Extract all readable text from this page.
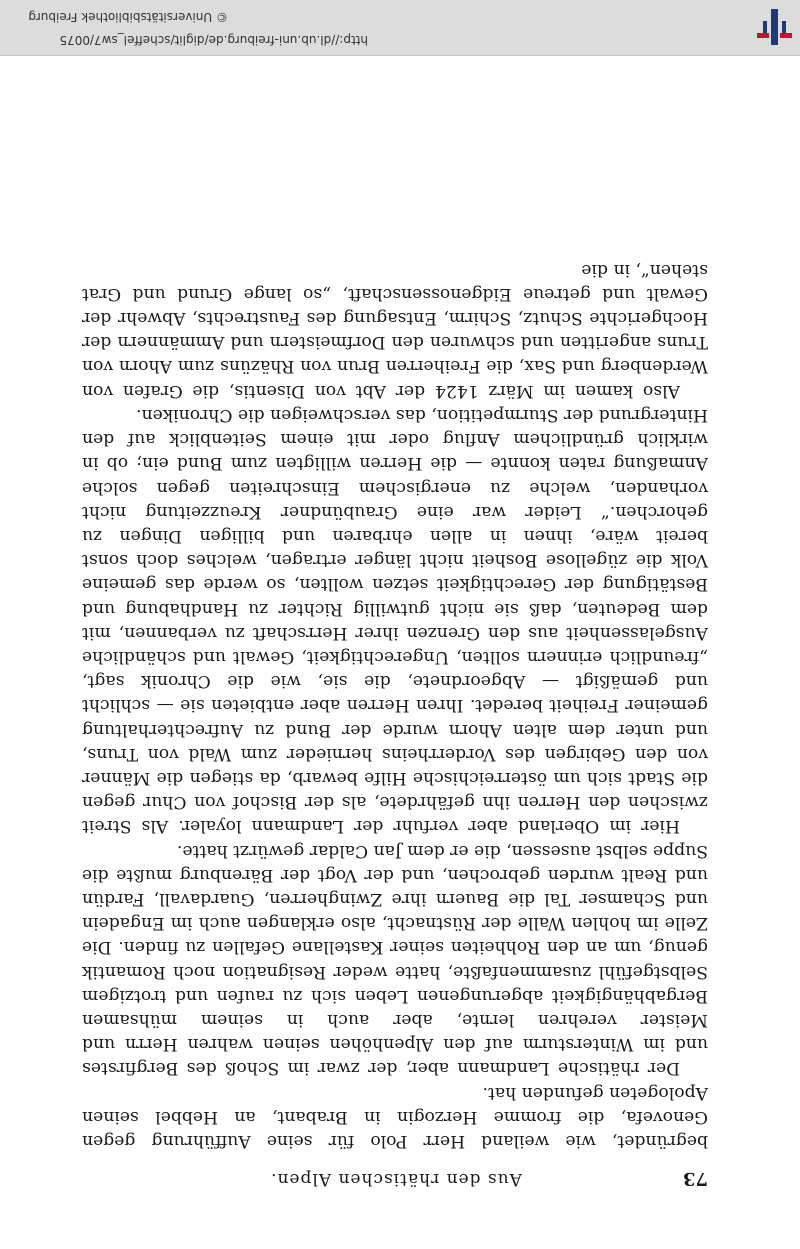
http://dl.ub.uni-freiburg.de/diglit/scheffel_sw7/0075
© Universitätsbibliothek Freiburg
Aus den rhätischen Alpen.	73

begründet, wie weiland Herr Polo für seine Aufführung gegen Genovefa, die fromme Herzogin in Brabant, an Hebbel seinen Apologeten gefunden hat.

Der rhätische Landmann aber, der zwar im Schoß des Bergfirstes und im Wintersturm auf den Alpenhöhen seinen wahren Herrn und Meister verehren lernte, aber auch in seinem mühsamen Bergabhängigkeit abgerungenen Leben sich zu raufen und trotzigem Selbstgefühl zusammenfaßte, hatte weder Resignation noch Romantik genug, um an den Rohheiten seiner Kastellane Gefallen zu finden. Die Zelle im hohlen Walle der Rüstnacht, also erklangen auch im Engadein und Schamser Tal die Bauern ihre Zwingherren, Guardavall, Fardün und Realt wurden gebrochen, und der Vogt der Bärenburg mußte die Suppe selbst ausessen, die er dem Jan Caldar gewürzt hatte.

Hier im Oberland aber verfuhr der Landmann loyaler. Als Streit zwischen den Herren ihn gefährdete, als der Bischof von Chur gegen die Stadt sich um österreichische Hilfe bewarb, da stiegen die Männer von den Gebirgen des Vorderrheins hernieder zum Wald von Truns, und unter dem alten Ahorn wurde der Bund zu Aufrechterhaltung gemeiner Freiheit beredet. Ihren Herren aber entbieten sie — schlicht und gemäßigt — Abgeordnete, die sie, wie die Chronik sagt, „freundlich erinnern sollten, Ungerechtigkeit, Gewalt und schändliche Ausgelassenheit aus den Grenzen ihrer Herrschaft zu verbannen, mit dem Bedeuten, daß sie nicht gutwillig Richter zu Handhabung und Bestätigung der Gerechtigkeit setzen wollten, so werde das gemeine Volk die zügellose Bosheit nicht länger ertragen, welches doch sonst bereit wäre, ihnen in allen ehrbaren und billigen Dingen zu gehorchen.“ Leider war eine Graubündner Kreuzzeitung nicht vorhanden, welche zu energischem Einschreiten gegen solche Anmaßung raten konnte — die Herren willigten zum Bund ein; ob in wirklich gründlichem Anflug oder mit einem Seitenblick auf den Hintergrund der Sturmpetition, das verschweigen die Chroniken.

Also kamen im März 1424 der Abt von Disentis, die Grafen von Werdenberg und Sax, die Freiherren Brun von Rhäzüns zum Ahorn von Truns angeritten und schwuren den Dorfmeistern und Ammännern der Hochgerichte Schutz, Schirm, Entsagung des Faustrechts, Abwehr der Gewalt und getreue Eidgenossenschaft, „so lange Grund und Grat stehen“, in die
